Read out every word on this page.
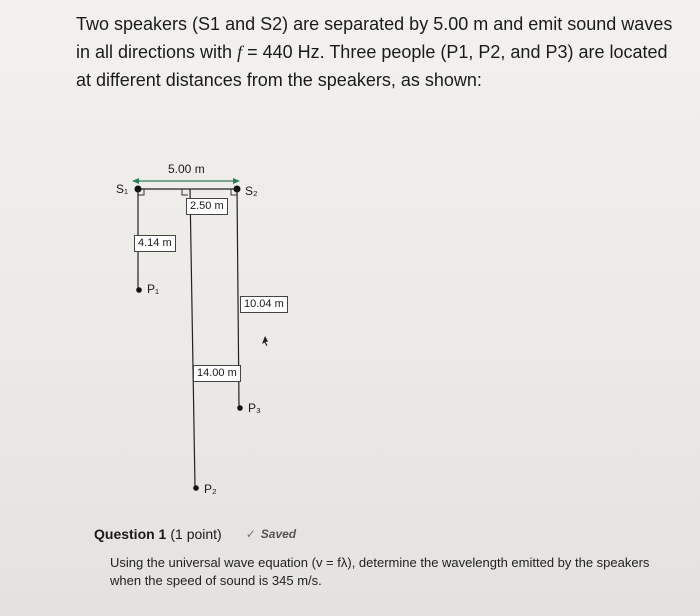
Two speakers (S1 and S2) are separated by 5.00 m and emit sound waves in all directions with f = 440 Hz. Three people (P1, P2, and P3) are located at different distances from the speakers, as shown:
5.00 m
S₁	S₂
P₁
P₂
P₃
2.50 m
4.14 m
10.04 m
14.00 m
Question 1 (1 point) ✓ Saved
Using the universal wave equation (v = fλ), determine the wavelength emitted by the speakers when the speed of sound is 345 m/s.
